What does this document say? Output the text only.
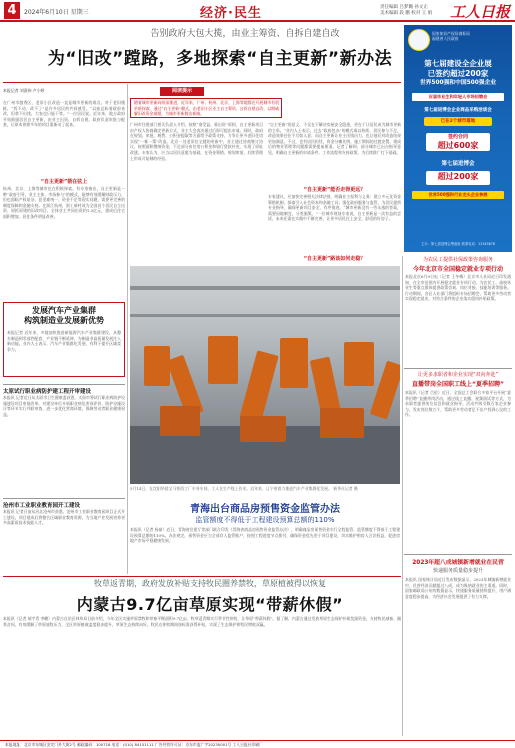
4	2024年6月10日 星期三	经济·民生	责任编辑 吕梦璐 孙文正
美术编辑 段 鹏 校对 王 娟 工人日报
告别政府大包大揽，由业主筹资、自拆自建自改
为“旧改”蹚路，多地探索“自主更新”新办法
本报记者 刘嘉伟 卢小婷	阅读提示
随着城市更新向纵深推进，近年来，广州、杭州、北京、上海等地都在开展城市有机更新探索，通过“自主更新”模式，由老旧小区业主自主筹资，自拆自建自改，以期破解旧改资金难题，为城市更新蹚出新路。
在广州市越秀区，老旧小区改造一直是城市更新的难点。对于老旧楼栋，“拆不动、改不了”是许多居民的共同感受。“以前总盼着政府来改，但拿不出钱，大家也只能干等。”一位居民说。近年来，地方政府开始鼓励居民自主更新，由业主出资、自拆自建，政府负责审批与配套，让原本停滞多年的项目重新动了起来。
“自主更新”箭在弦上
杭州、北京、上海等城市也在积极探索。有专家指出，自主更新是一种“政府引导、业主主体、市场参与”的模式，能够有效缓解财政压力，但也面临产权复杂、意见难统一、资金不足等现实问题，需要更完善的制度保障和金融支持。在浙江杭州，浙工新村成为全国首个居民自主出资、原拆原建的旧改项目，全体业主共同出资约1.3亿元，建成后住宅面积增加，居住条件明显改善。
广州市住建部门相关负责人介绍，按照“谁受益、谁出资”原则，自主更新项目由产权人协商确定更新方式，业主大会表决通过后即可提出申请。同时，政府在规划、审批、税费、公积金提取等方面给予政策支持，力争让更多老旧住房实现“一栋一策”改造。北京一处老旧住宅楼的更新中，业主通过协商签订协议，按照面积缴纳资金，不足部分由住房公积金和银行贷款补充，实现了原址改建。专家认为，应当以居民意愿为基础，在资金筹措、规划审批、后续管理上形成可复制的经验。
“自主更新”的意义，不仅在于解决房屋安全隐患，更在于让居民成为城市更新的主角。”业内人士表示，过去“政府包办”的模式难以持续，居民参与不足，改造效果往往不尽如人意；而自主更新让业主出钱出力，也让他们对改造结果更加满意。不过，也有居民担忧，资金分摊比例、施工期间的过渡安置、建成后的物业管理等问题都需要提前厘清。记者了解到，部分城市已出台指导意见，明确自主更新的申请条件、工作流程和支持政策，为后续推广打下基础。
“自主更新”能否走得更远？
专家建议，应加快完善相关法律法规，明确业主权利与义务；建立多元化资金筹措机制，探索引入社会资本和金融工具；强化政府服务与监管，为居民提供专业指导，确保更新项目安全、有序推进。“城市更新没有一劳永逸的答案，需要因地制宜、分类施策。”一位城市规划专家说，自主更新是一次有益的尝试，未来还需在实践中不断完善，让更多居民住上安全、舒适的好房子。
“自主更新”路该如何走稳？
发展汽车产业集群
构筑制造业发展新优势
本报记者 近年来，多地加快推进新能源汽车产业集群建设，从整车制造到零部件配套，产业链不断延伸，为制造业高质量发展注入新动能。业内人士表示，汽车产业集群化发展，有利于提升区域竞争力。
太原试行职业病防护建工程开审建设
本报讯 记者近日从太原市卫生健康委获悉，太原市将试行职业病防护设施建设项目审批改革，对建设单位开展职业病危害预评价、防护设施设计等环节实行并联审查，进一步优化营商环境，保障劳动者职业健康权益。
沧州市工业职业教育园开工建设
本报讯 记者日前从河北沧州市获悉，沧州市工业职业教育园项目正式开工建设。项目建成后将整合区域职业教育资源，为当地产业发展培养更多高素质技术技能人才。
5月14日，在沈阳华晨宝马铁西工厂车身车间，工人在生产线上作业。近年来，辽宁省着力推进汽车产业集群化发展。 新华社记者 摄
青海出台商品房预售资金监管办法
监管额度不得低于工程建设预算总额的110%
本报讯（记者 杨祯）近日，青海省住建厅等部门联合印发《青海省商品房预售资金监管办法》，明确商品房预售资金实行全程监管，监管额度不得低于工程建设预算总额的110%。办法规定，预售资金应当全部存入监管账户，按照工程进度节点拨付，确保资金优先用于项目建设，切实维护购房人合法权益，促进房地产市场平稳健康发展。
牧草返青期，政府发放补贴支持牧民圈养禁牧，草原植被得以恢复
内蒙古9.7亿亩草原实现“带薪休假”
本报讯（记者 郝宇青 李鹏）内蒙古自治区林草局日前介绍，今年全区实施草原禁牧和草畜平衡面积9.7亿亩，牧草返青期实行季节性休牧，让草原“带薪休假”。据了解，内蒙古通过发放草原生态保护补助奖励资金，支持牧民减畜、圈养舍饲，有效缓解了草原放牧压力，全区草原植被盖度稳步提升，草原生态持续向好。牧民在休牧期间按标准获得补贴，实现了生态保护和牧民增收双赢。
国家知识产权局商标局
福建省人民政府
第七届建设全企业展
已签约超过200家
世界500强和中国500强企业
应届毕业生和年轻人专场招聘会
第七届进博会企业商品采购洽谈会
已在2个城市落地
签约合同
超过600家
第七届进博会
超过200家
世界500强和行业龙头企业参展
主办：第七届进博会筹备组 联系电话：12345678
为农民工提供社保政策咨询服务
今年北京市全国稳定就业专项行动
本报北京6月9日电（记者 王冬梅）北京市人社局近日印发通知，在全市范围内开展稳定就业专项行动，为农民工、高校毕业生等重点群体提供政策咨询、岗位对接、技能培训等服务。行动期间，各区人社部门将组织专场招聘会，帮助更多劳动者实现稳定就业，对符合条件的企业落实稳岗补贴政策。
让更多求职者和企业实现“双向奔赴”
直播带岗全国职工线上“夏季招聘”
本报讯（记者 吕伦）近日，全国总工会联合多家平台开展“夏季招聘”直播带岗活动，通过线上直播、视频面试等方式，为求职者提供岗位信息和就业指导。活动共吸引数百家企业参与，发布岗位数万个，帮助更多劳动者足不出户找到心仪的工作。
2023年超八成城镇新增就业在民营
快递服务质量稳步提升
本报讯 国家统计局近日发布数据显示，2023年城镇新增就业中，民营经济贡献超过八成，成为吸纳就业的主渠道。同时，国家邮政局公布的数据显示，快递服务质量持续提升，用户满意度稳步提高，为经济社会发展提供了有力支撑。
本报地址：北京市东城区安定门外大街2号 邮政编码：100718 电话：(010) 84151111 广告经营许可证：京东市监广字20230001号 工人日报社印刷厂
